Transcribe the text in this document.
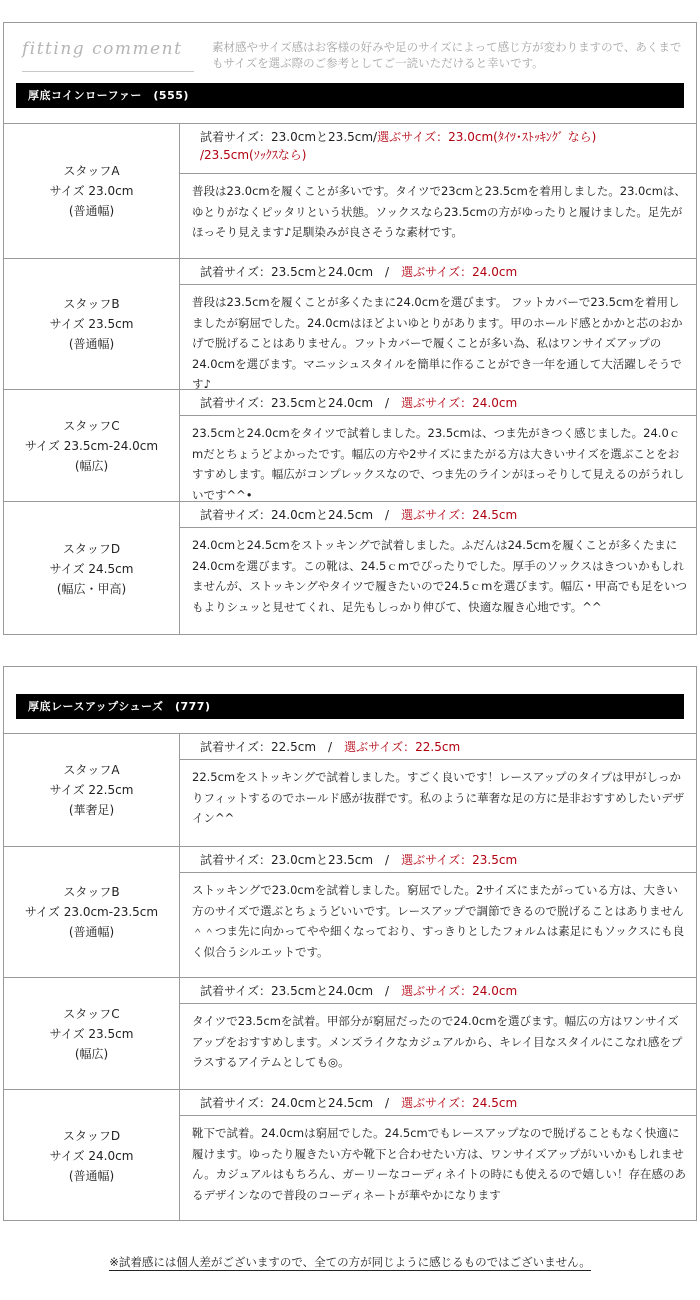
fitting comment	素材感やサイズ感はお客様の好みや足のサイズによって感じ方が変わりますので、あくまでもサイズを選ぶ際のご参考としてご一読いただけると幸いです。
厚底コインローファー　(555)
スタッフA
サイズ 23.0cm
(普通幅)
試着サイズ：23.0cmと23.5cm/選ぶサイズ：23.0cm(ﾀｲﾂ･ｽﾄｯｷﾝｸﾞ なら)
/23.5cm(ｿｯｸｽなら)
普段は23.0cmを履くことが多いです。タイツで23cmと23.5cmを着用しました。23.0cmは、ゆとりがなくピッタリという状態。ソックスなら23.5cmの方がゆったりと履けました。足先がほっそり見えます♪足馴染みが良さそうな素材です。
スタッフB
サイズ 23.5cm
(普通幅)
試着サイズ：23.5cmと24.0cm　/　選ぶサイズ：24.0cm
普段は23.5cmを履くことが多くたまに24.0cmを選びます。 フットカバーで23.5cmを着用しましたが窮屈でした。24.0cmはほどよいゆとりがあります。甲のホールド感とかかと芯のおかげで脱げることはありません。フットカバーで履くことが多い為、私はワンサイズアップの24.0cmを選びます。マニッシュスタイルを簡単に作ることができ一年を通して大活躍しそうです♪
スタッフC
サイズ 23.5cm-24.0cm
(幅広)
試着サイズ：23.5cmと24.0cm　/　選ぶサイズ：24.0cm
23.5cmと24.0cmをタイツで試着しました。23.5cmは、つま先がきつく感じました。24.0ｃmだとちょうどよかったです。幅広の方や2サイズにまたがる方は大きいサイズを選ぶことをおすすめします。幅広がコンプレックスなので、つま先のラインがほっそりして見えるのがうれしいです^^•
スタッフD
サイズ 24.5cm
(幅広・甲高)
試着サイズ：24.0cmと24.5cm　/　選ぶサイズ：24.5cm
24.0cmと24.5cmをストッキングで試着しました。ふだんは24.5cmを履くことが多くたまに24.0cmを選びます。この靴は、24.5ｃmでぴったりでした。厚手のソックスはきついかもしれませんが、ストッキングやタイツで履きたいので24.5ｃmを選びます。幅広・甲高でも足をいつもよりシュッと見せてくれ、足先もしっかり伸びて、快適な履き心地です。^^
厚底レースアップシューズ　(777)
スタッフA
サイズ 22.5cm
(華奢足)
試着サイズ：22.5cm　/　選ぶサイズ：22.5cm
22.5cmをストッキングで試着しました。すごく良いです！レースアップのタイプは甲がしっかりフィットするのでホールド感が抜群です。私のように華奢な足の方に是非おすすめしたいデザイン^^
スタッフB
サイズ 23.0cm-23.5cm
(普通幅)
試着サイズ：23.0cmと23.5cm　/　選ぶサイズ：23.5cm
ストッキングで23.0cmを試着しました。窮屈でした。2サイズにまたがっている方は、大きい方のサイズで選ぶとちょうどいいです。レースアップで調節できるので脱げることはありません＾＾つま先に向かってやや細くなっており、すっきりとしたフォルムは素足にもソックスにも良く似合うシルエットです。
スタッフC
サイズ 23.5cm
(幅広)
試着サイズ：23.5cmと24.0cm　/　選ぶサイズ：24.0cm
タイツで23.5cmを試着。甲部分が窮屈だったので24.0cmを選びます。幅広の方はワンサイズアップをおすすめします。メンズライクなカジュアルから、キレイ目なスタイルにこなれ感をプラスするアイテムとしても◎。
スタッフD
サイズ 24.0cm
(普通幅)
試着サイズ：24.0cmと24.5cm　/　選ぶサイズ：24.5cm
靴下で試着。24.0cmは窮屈でした。24.5cmでもレースアップなので脱げることもなく快適に履けます。ゆったり履きたい方や靴下と合わせたい方は、ワンサイズアップがいいかもしれません。カジュアルはもちろん、ガーリーなコーディネイトの時にも使えるので嬉しい！存在感のあるデザインなので普段のコーディネートが華やかになります
※試着感には個人差がございますので、全ての方が同じように感じるものではございません。
